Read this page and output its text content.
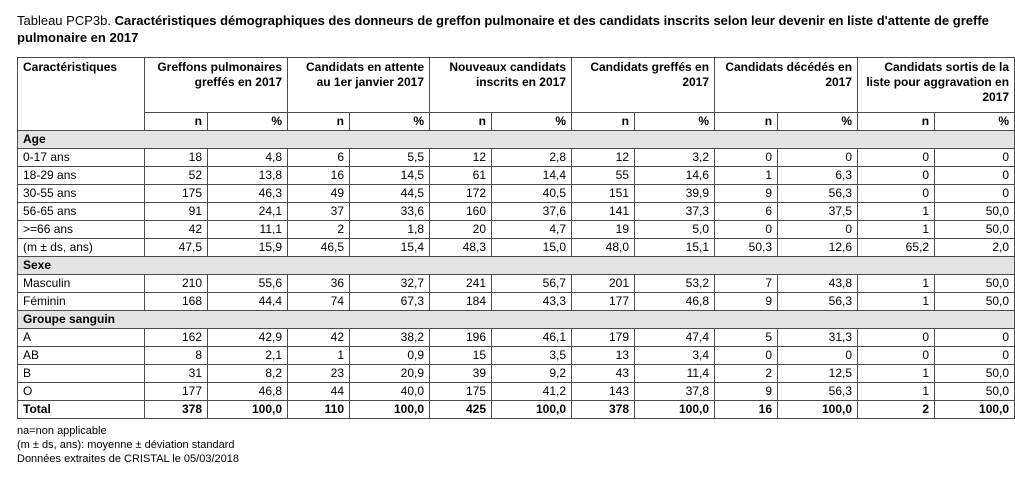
Tableau PCP3b. Caractéristiques démographiques des donneurs de greffon pulmonaire et des candidats inscrits selon leur devenir en liste d'attente de greffe pulmonaire en 2017
Caractéristiques	Greffons pulmonaires greffés en 2017		Candidats en attente au 1er janvier 2017		Nouveaux candidats inscrits en 2017		Candidats greffés en 2017		Candidats décédés en 2017		Candidats sortis de la liste pour aggravation en 2017	
	n	%	n	%	n	%	n	%	n	%	n	%
Age												
0-17 ans	18	4,8	6	5,5	12	2,8	12	3,2	0	0	0	0
18-29 ans	52	13,8	16	14,5	61	14,4	55	14,6	1	6,3	0	0
30-55 ans	175	46,3	49	44,5	172	40,5	151	39,9	9	56,3	0	0
56-65 ans	91	24,1	37	33,6	160	37,6	141	37,3	6	37,5	1	50,0
>=66 ans	42	11,1	2	1,8	20	4,7	19	5,0	0	0	1	50,0
(m ± ds, ans)	47,5	15,9	46,5	15,4	48,3	15,0	48,0	15,1	50,3	12,6	65,2	2,0
Sexe												
Masculin	210	55,6	36	32,7	241	56,7	201	53,2	7	43,8	1	50,0
Féminin	168	44,4	74	67,3	184	43,3	177	46,8	9	56,3	1	50,0
Groupe sanguin												
A	162	42,9	42	38,2	196	46,1	179	47,4	5	31,3	0	0
AB	8	2,1	1	0,9	15	3,5	13	3,4	0	0	0	0
B	31	8,2	23	20,9	39	9,2	43	11,4	2	12,5	1	50,0
O	177	46,8	44	40,0	175	41,2	143	37,8	9	56,3	1	50,0
Total	378	100,0	110	100,0	425	100,0	378	100,0	16	100,0	2	100,0
na=non applicable
(m ± ds, ans): moyenne ± déviation standard
Données extraites de CRISTAL le 05/03/2018
